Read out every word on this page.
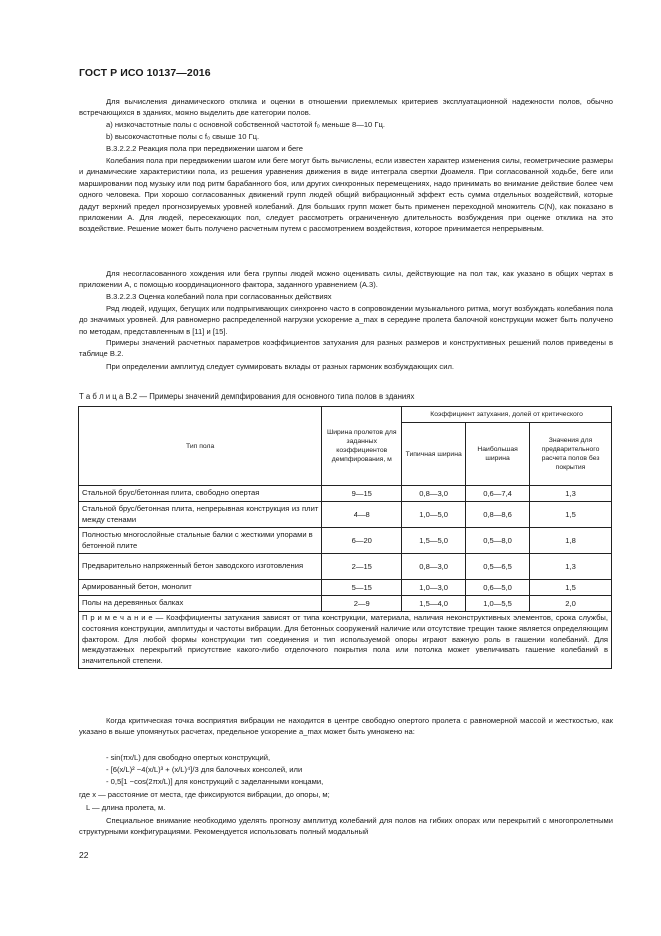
ГОСТ Р ИСО 10137—2016
Для вычисления динамического отклика и оценки в отношении приемлемых критериев эксплуатационной надежности полов, обычно встречающихся в зданиях, можно выделить две категории полов.
а) низкочастотные полы с основной собственной частотой f₀ меньше 8—10 Гц.
b) высокочастотные полы с f₀ свыше 10 Гц.
В.3.2.2.2 Реакция пола при передвижении шагом и беге
Колебания пола при передвижении шагом или беге могут быть вычислены, если известен характер изменения силы, геометрические размеры и динамические характеристики пола, из решения уравнения движения в виде интеграла свертки Дюамеля. При согласованной ходьбе, беге или маршировании под музыку или под ритм барабанного боя, или других синхронных перемещениях, надо принимать во внимание действие более чем одного человека. При хорошо согласованных движений групп людей общий вибрационный эффект есть сумма отдельных воздействий, которые дадут верхний предел прогнозируемых уровней колебаний. Для больших групп может быть применен переходной множитель C(N), как показано в приложении А. Для людей, пересекающих пол, следует рассмотреть ограниченную длительность возбуждения при оценке отклика на это воздействие. Решение может быть получено расчетным путем с рассмотрением воздействия, которое принимается непрерывным.
Для несогласованного хождения или бега группы людей можно оценивать силы, действующие на пол так, как указано в общих чертах в приложении А, с помощью координационного фактора, заданного уравнением (А.3).
В.3.2.2.3 Оценка колебаний пола при согласованных действиях
Ряд людей, идущих, бегущих или подпрыгивающих синхронно часто в сопровождении музыкального ритма, могут возбуждать колебания пола до значимых уровней. Для равномерно распределенной нагрузки ускорение a_max в середине пролета балочной конструкции может быть получено по методам, представленным в [11] и [15].
Примеры значений расчетных параметров коэффициентов затухания для разных размеров и конструктивных решений полов приведены в таблице В.2.
При определении амплитуд следует суммировать вклады от разных гармоник возбуждающих сил.
Т а б л и ц а В.2 — Примеры значений демпфирования для основного типа полов в зданиях
Тип пола	Ширина пролетов для заданных коэффициентов демпфирования, м	Коэффициент затухания, долей от критического		
		Типичная ширина	Наибольшая ширина	Значения для предварительного расчета полов без покрытия
Стальной брус/бетонная плита, свободно опертая	9—15	0,8—3,0	0,6—7,4	1,3
Стальной брус/бетонная плита, непрерывная конструкция из плит между стенами	4—8	1,0—5,0	0,8—8,6	1,5
Полностью многослойные стальные балки с жесткими упорами в бетонной плите	6—20	1,5—5,0	0,5—8,0	1,8
Предварительно напряженный бетон заводского изготовления	2—15	0,8—3,0	0,5—6,5	1,3
Армированный бетон, монолит	5—15	1,0—3,0	0,6—5,0	1,5
Полы на деревянных балках	2—9	1,5—4,0	1,0—5,5	2,0
П р и м е ч а н и е — Коэффициенты затухания зависят от типа конструкции, материала, наличия неконструктивных элементов, срока службы, состояния конструкции, амплитуды и частоты вибрации. Для бетонных сооружений наличие или отсутствие трещин также является определяющим фактором. Для любой формы конструкции тип соединения и тип используемой опоры играют важную роль в гашении колебаний. Для междуэтажных перекрытий присутствие какого-либо отделочного покрытия пола или потолка может увеличивать гашение колебаний в значительной степени.				
Когда критическая точка восприятия вибрации не находится в центре свободно опертого пролета с равномерной массой и жесткостью, как указано в выше упомянутых расчетах, предельное ускорение a_max может быть умножено на:
- sin(πx/L) для свободно опертых конструкций,
- [6(x/L)² −4(x/L)³ + (x/L)⁴]/3 для балочных консолей, или
- 0,5[1 −cos(2πx/L)] для конструкций с заделанными концами,
где x — расстояние от места, где фиксируются вибрации, до опоры, м;
L — длина пролета, м.
Специальное внимание необходимо уделять прогнозу амплитуд колебаний для полов на гибких опорах или перекрытий с многопролетными структурными конфигурациями. Рекомендуется использовать полный модальный
22
